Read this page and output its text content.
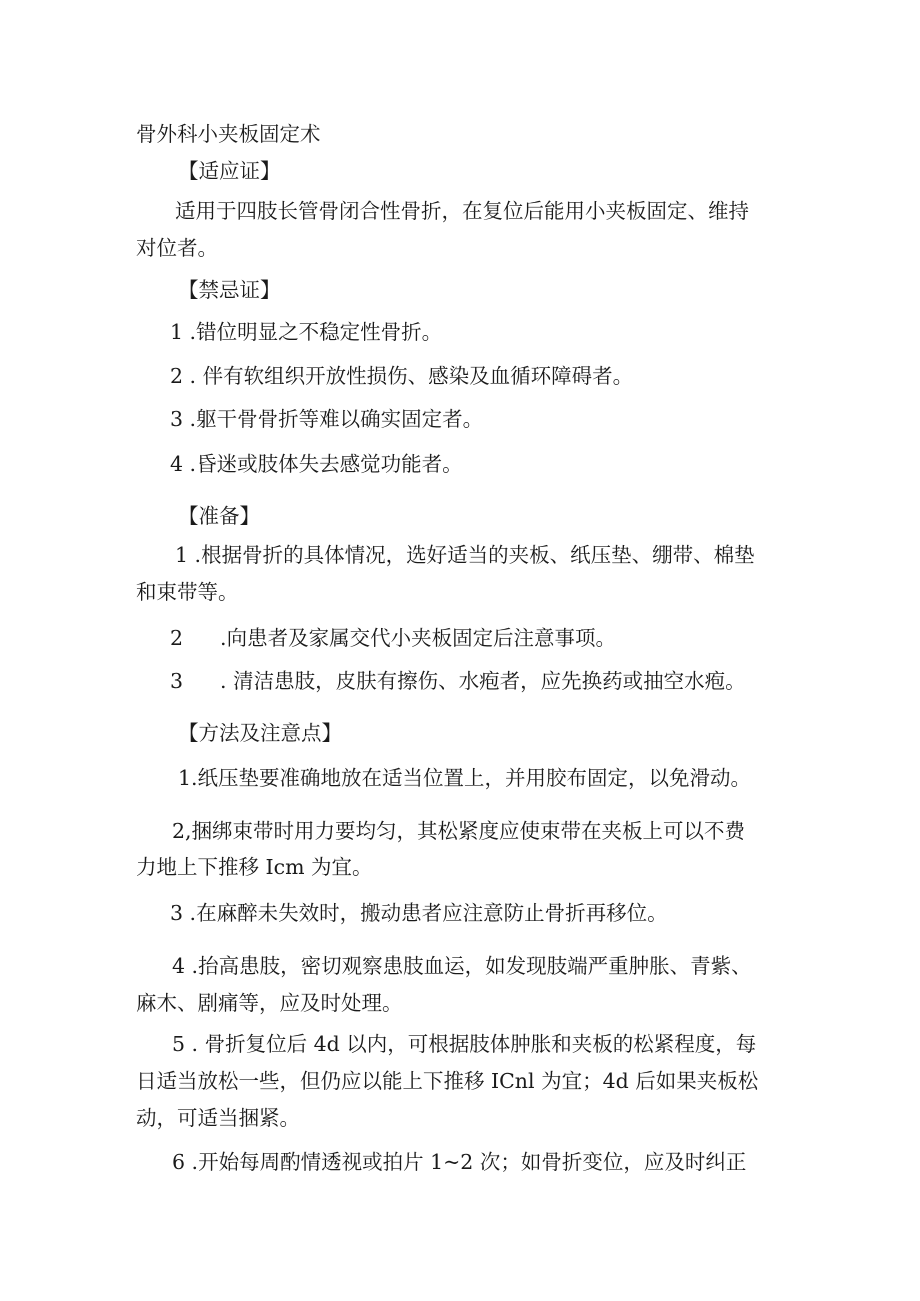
骨外科小夹板固定术
【适应证】
适用于四肢长管骨闭合性骨折，在复位后能用小夹板固定、维持
对位者。
【禁忌证】
1 .错位明显之不稳定性骨折。
2 . 伴有软组织开放性损伤、感染及血循环障碍者。
3 .躯干骨骨折等难以确实固定者。
4 .昏迷或肢体失去感觉功能者。
【准备】
1 .根据骨折的具体情况，选好适当的夹板、纸压垫、绷带、棉垫
和束带等。
2 .向患者及家属交代小夹板固定后注意事项。
3 . 清洁患肢，皮肤有擦伤、水疱者，应先换药或抽空水疱。
【方法及注意点】
1.纸压垫要准确地放在适当位置上，并用胶布固定，以免滑动。
2,捆绑束带时用力要均匀，其松紧度应使束带在夹板上可以不费
力地上下推移 Icm 为宜。
3 .在麻醉未失效时，搬动患者应注意防止骨折再移位。
4 .抬高患肢，密切观察患肢血运，如发现肢端严重肿胀、青紫、
麻木、剧痛等，应及时处理。
5 . 骨折复位后 4d 以内，可根据肢体肿胀和夹板的松紧程度，每
日适当放松一些，但仍应以能上下推移 ICnl 为宜；4d 后如果夹板松
动，可适当捆紧。
6 .开始每周酌情透视或拍片 1~2 次；如骨折变位，应及时纠正
